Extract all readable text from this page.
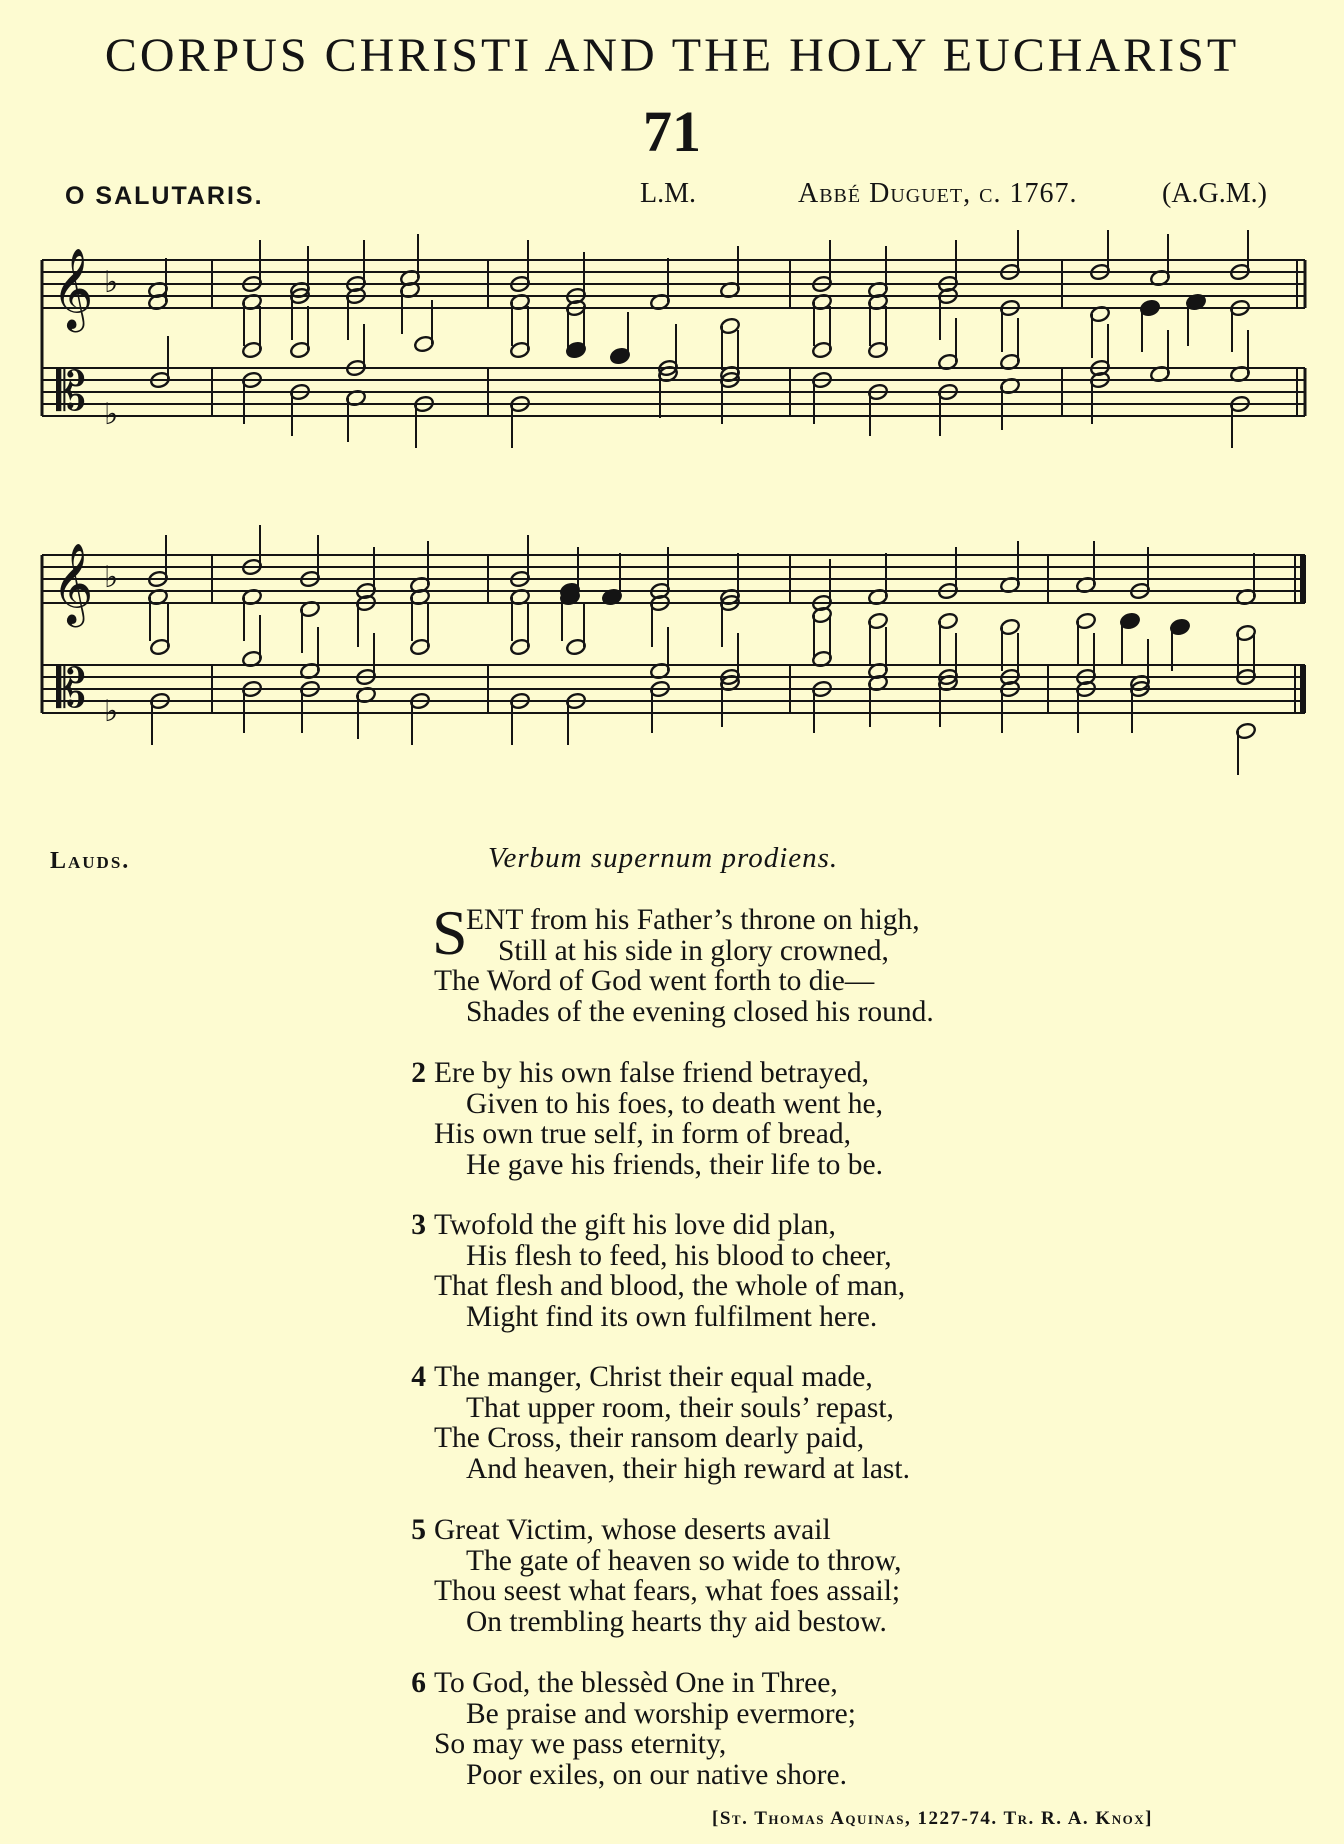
CORPUS CHRISTI AND THE HOLY EUCHARIST
71
O SALUTARIS.	L.M.	Abbé Duguet, c. 1767.	(A.G.M.)
𝄞
𝄡
♭
♭
𝄞
𝄡
♭
♭
Lauds.	Verbum supernum prodiens.
S
ENT from his Father’s throne on high,
Still at his side in glory crowned,
The Word of God went forth to die—
Shades of the evening closed his round.
2 Ere by his own false friend betrayed,
Given to his foes, to death went he,
His own true self, in form of bread,
He gave his friends, their life to be.
3 Twofold the gift his love did plan,
His flesh to feed, his blood to cheer,
That flesh and blood, the whole of man,
Might find its own fulfilment here.
4 The manger, Christ their equal made,
That upper room, their souls’ repast,
The Cross, their ransom dearly paid,
And heaven, their high reward at last.
5 Great Victim, whose deserts avail
The gate of heaven so wide to throw,
Thou seest what fears, what foes assail;
On trembling hearts thy aid bestow.
6 To God, the blessèd One in Three,
Be praise and worship evermore;
So may we pass eternity,
Poor exiles, on our native shore.
[St. Thomas Aquinas, 1227-74. Tr. R. A. Knox]
